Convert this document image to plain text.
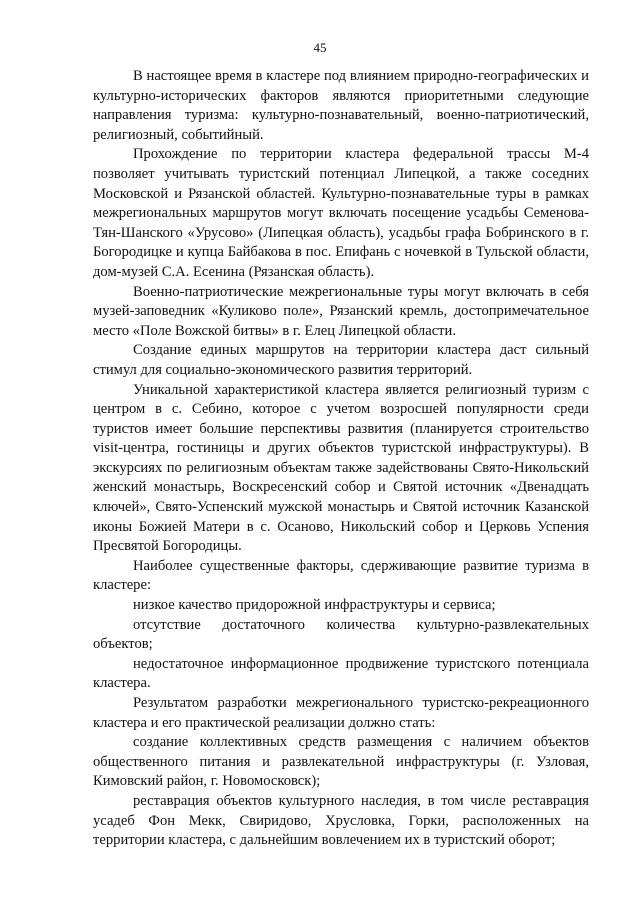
45

В настоящее время в кластере под влиянием природно-географических и культурно-исторических факторов являются приоритетными следующие направления туризма: культурно-познавательный, военно-патриотический, религиозный, событийный.

Прохождение по территории кластера федеральной трассы М-4 позволяет учитывать туристский потенциал Липецкой, а также соседних Московской и Рязанской областей. Культурно-познавательные туры в рамках межрегиональных маршрутов могут включать посещение усадьбы Семенова-Тян-Шанского «Урусово» (Липецкая область), усадьбы графа Бобринского в г. Богородицке и купца Байбакова в пос. Епифань с ночевкой в Тульской области, дом-музей С.А. Есенина (Рязанская область).

Военно-патриотические межрегиональные туры могут включать в себя музей-заповедник «Куликово поле», Рязанский кремль, достопримечательное место «Поле Вожской битвы» в г. Елец Липецкой области.

Создание единых маршрутов на территории кластера даст сильный стимул для социально-экономического развития территорий.

Уникальной характеристикой кластера является религиозный туризм с центром в с. Себино, которое с учетом возросшей популярности среди туристов имеет большие перспективы развития (планируется строительство visit-центра, гостиницы и других объектов туристской инфраструктуры). В экскурсиях по религиозным объектам также задействованы Свято-Никольский женский монастырь, Воскресенский собор и Святой источник «Двенадцать ключей», Свято-Успенский мужской монастырь и Святой источник Казанской иконы Божией Матери в с. Осаново, Никольский собор и Церковь Успения Пресвятой Богородицы.

Наиболее существенные факторы, сдерживающие развитие туризма в кластере:

низкое качество придорожной инфраструктуры и сервиса;

отсутствие достаточного количества культурно-развлекательных объектов;

недостаточное информационное продвижение туристского потенциала кластера.

Результатом разработки межрегионального туристско-рекреационного кластера и его практической реализации должно стать:

создание коллективных средств размещения с наличием объектов общественного питания и развлекательной инфраструктуры (г. Узловая, Кимовский район, г. Новомосковск);

реставрация объектов культурного наследия, в том числе реставрация усадеб Фон Мекк, Свиридово, Хрусловка, Горки, расположенных на территории кластера, с дальнейшим вовлечением их в туристский оборот;
